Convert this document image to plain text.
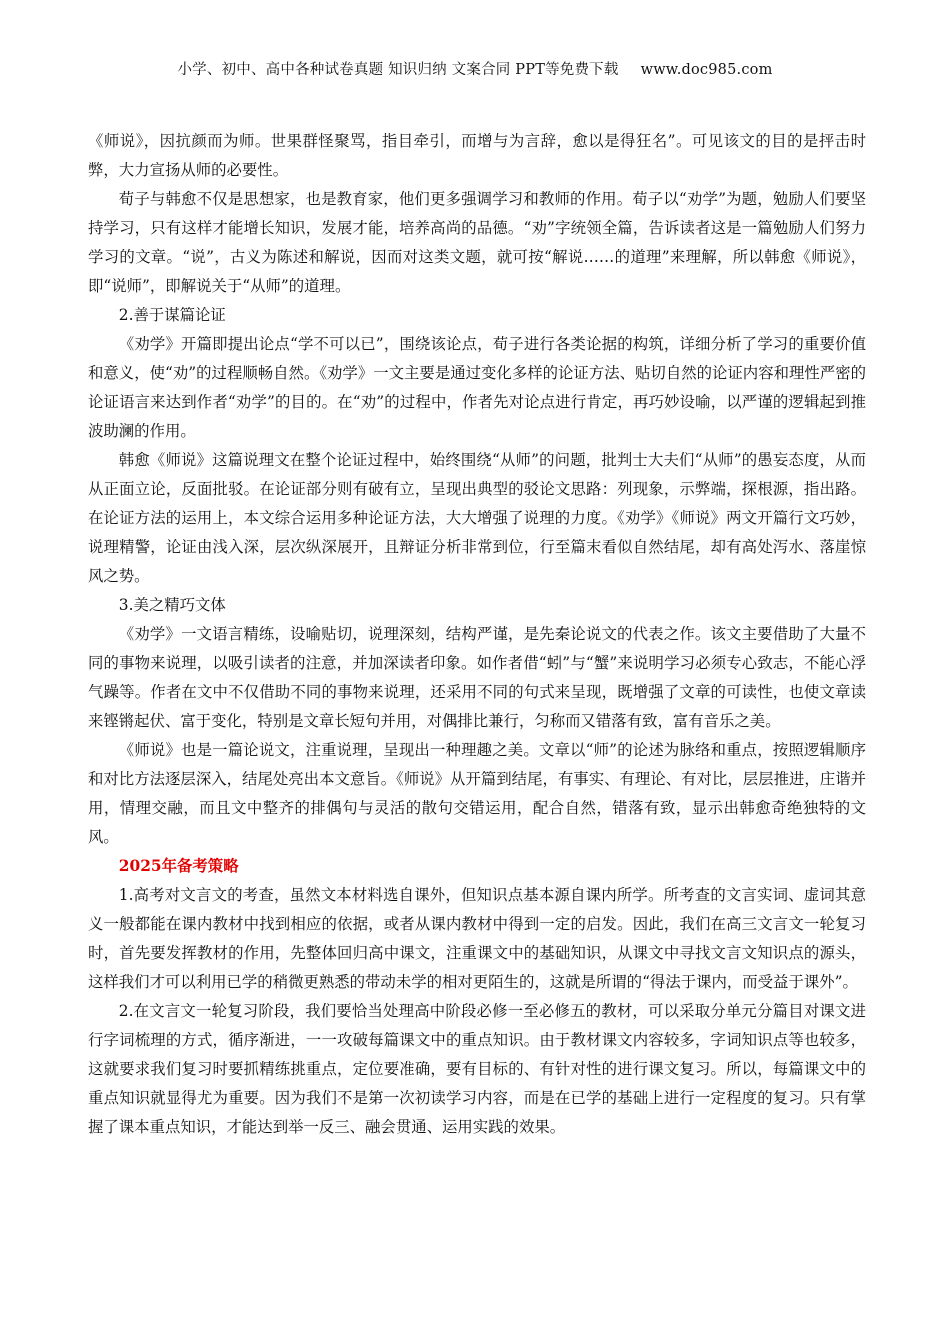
小学、初中、高中各种试卷真题 知识归纳 文案合同 PPT等免费下载 www.doc985.com

《师说》，因抗颜而为师。世果群怪聚骂，指目牵引，而增与为言辞，愈以是得狂名”。可见该文的目的是抨击时弊，大力宣扬从师的必要性。

荀子与韩愈不仅是思想家，也是教育家，他们更多强调学习和教师的作用。荀子以“劝学”为题，勉励人们要坚持学习，只有这样才能增长知识，发展才能，培养高尚的品德。“劝”字统领全篇，告诉读者这是一篇勉励人们努力学习的文章。“说”，古义为陈述和解说，因而对这类文题，就可按“解说……的道理”来理解，所以韩愈《师说》，即“说师”，即解说关于“从师”的道理。

2.善于谋篇论证

《劝学》开篇即提出论点“学不可以已”，围绕该论点，荀子进行各类论据的构筑，详细分析了学习的重要价值和意义，使“劝”的过程顺畅自然。《劝学》一文主要是通过变化多样的论证方法、贴切自然的论证内容和理性严密的论证语言来达到作者“劝学”的目的。在“劝”的过程中，作者先对论点进行肯定，再巧妙设喻，以严谨的逻辑起到推波助澜的作用。

韩愈《师说》这篇说理文在整个论证过程中，始终围绕“从师”的问题，批判士大夫们“从师”的愚妄态度，从而从正面立论，反面批驳。在论证部分则有破有立，呈现出典型的驳论文思路：列现象，示弊端，探根源，指出路。在论证方法的运用上，本文综合运用多种论证方法，大大增强了说理的力度。《劝学》《师说》两文开篇行文巧妙，说理精警，论证由浅入深，层次纵深展开，且辩证分析非常到位，行至篇末看似自然结尾，却有高处泻水、落崖惊风之势。

3.美之精巧文体

《劝学》一文语言精练，设喻贴切，说理深刻，结构严谨，是先秦论说文的代表之作。该文主要借助了大量不同的事物来说理，以吸引读者的注意，并加深读者印象。如作者借“蚓”与“蟹”来说明学习必须专心致志，不能心浮气躁等。作者在文中不仅借助不同的事物来说理，还采用不同的句式来呈现，既增强了文章的可读性，也使文章读来铿锵起伏、富于变化，特别是文章长短句并用，对偶排比兼行，匀称而又错落有致，富有音乐之美。

《师说》也是一篇论说文，注重说理，呈现出一种理趣之美。文章以“师”的论述为脉络和重点，按照逻辑顺序和对比方法逐层深入，结尾处亮出本文意旨。《师说》从开篇到结尾，有事实、有理论、有对比，层层推进，庄谐并用，情理交融，而且文中整齐的排偶句与灵活的散句交错运用，配合自然，错落有致，显示出韩愈奇绝独特的文风。

2025年备考策略

1.高考对文言文的考查，虽然文本材料选自课外，但知识点基本源自课内所学。所考查的文言实词、虚词其意义一般都能在课内教材中找到相应的依据，或者从课内教材中得到一定的启发。因此，我们在高三文言文一轮复习时，首先要发挥教材的作用，先整体回归高中课文，注重课文中的基础知识，从课文中寻找文言文知识点的源头，这样我们才可以利用已学的稍微更熟悉的带动未学的相对更陌生的，这就是所谓的“得法于课内，而受益于课外”。

2.在文言文一轮复习阶段，我们要恰当处理高中阶段必修一至必修五的教材，可以采取分单元分篇目对课文进行字词梳理的方式，循序渐进，一一攻破每篇课文中的重点知识。由于教材课文内容较多，字词知识点等也较多，这就要求我们复习时要抓精练挑重点，定位要准确，要有目标的、有针对性的进行课文复习。所以，每篇课文中的重点知识就显得尤为重要。因为我们不是第一次初读学习内容，而是在已学的基础上进行一定程度的复习。只有掌握了课本重点知识，才能达到举一反三、融会贯通、运用实践的效果。
